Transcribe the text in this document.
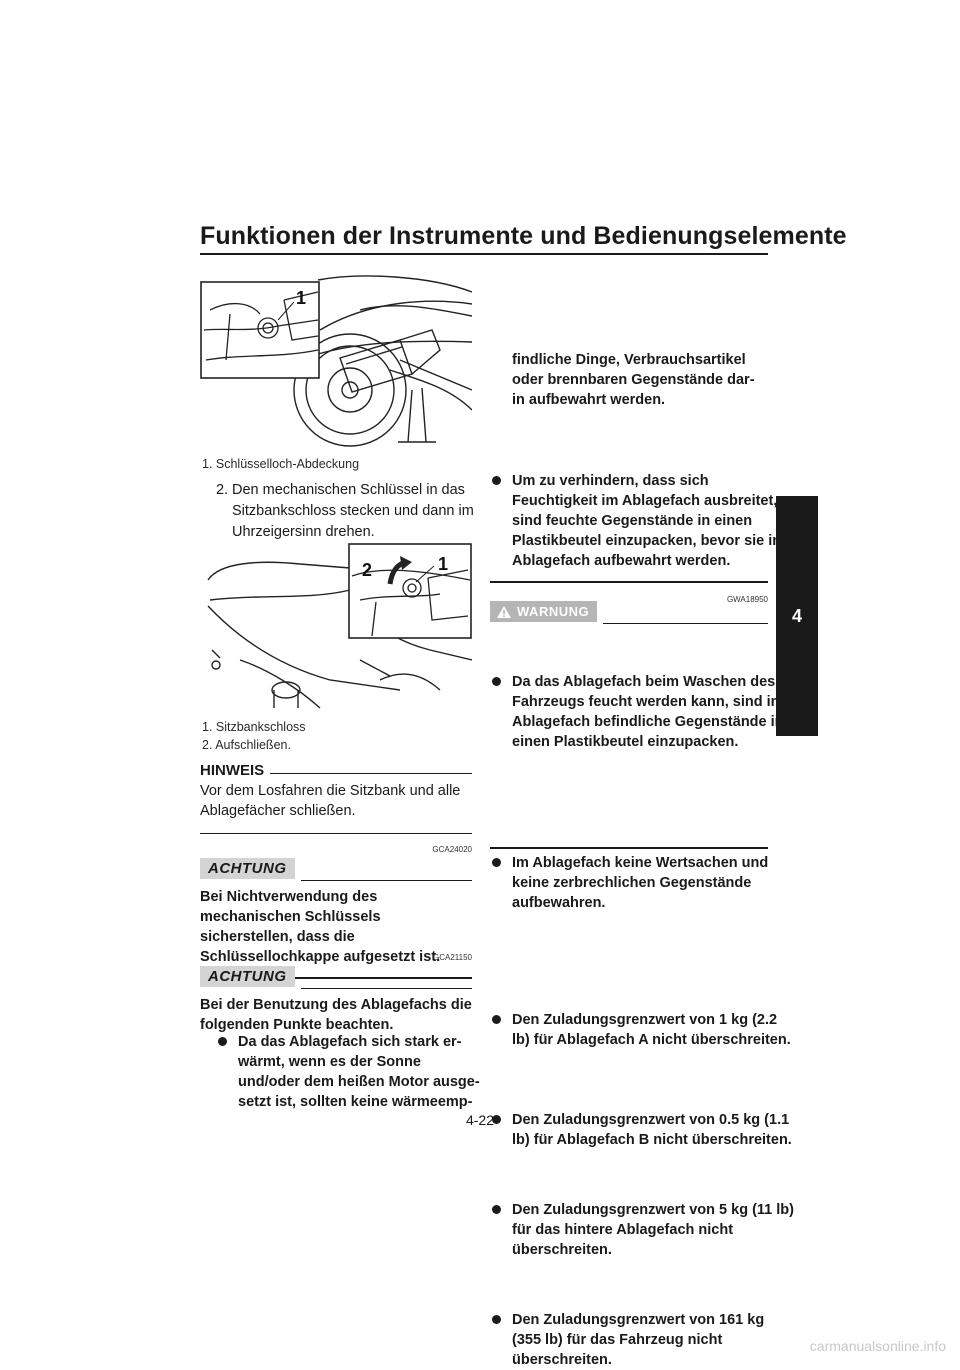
Funktionen der Instrumente und Bedienungselemente
4
1
1. Schlüsselloch-Abdeckung
2. Den mechanischen Schlüssel in das Sitzbankschloss stecken und dann im Uhrzeigersinn drehen.
2	1
1. Sitzbankschloss
2. Aufschließen.
HINWEIS
Vor dem Losfahren die Sitzbank und alle Ablagefächer schließen.
GCA24020
ACHTUNG
Bei Nichtverwendung des mechanischen Schlüssels sicherstellen, dass die Schlüssellochkappe aufgesetzt ist.
GCA21150
ACHTUNG
Bei der Benutzung des Ablagefachs die folgenden Punkte beachten.
Da das Ablagefach sich stark er-
wärmt, wenn es der Sonne
und/oder dem heißen Motor ausge-
setzt ist, sollten keine wärmeemp-
findliche Dinge, Verbrauchsartikel
oder brennbaren Gegenstände dar-
in aufbewahrt werden.
Um zu verhindern, dass sich Feuchtigkeit im Ablagefach ausbreitet, sind feuchte Gegenstände in einen Plastikbeutel einzupacken, bevor sie im Ablagefach aufbewahrt werden.
Da das Ablagefach beim Waschen des Fahrzeugs feucht werden kann, sind im Ablagefach befindliche Gegenstände in einen Plastikbeutel einzupacken.
Im Ablagefach keine Wertsachen und keine zerbrechlichen Gegenstände aufbewahren.
GWA18950
WARNUNG
Den Zuladungsgrenzwert von 1 kg (2.2 lb) für Ablagefach A nicht überschreiten.
Den Zuladungsgrenzwert von 0.5 kg (1.1 lb) für Ablagefach B nicht überschreiten.
Den Zuladungsgrenzwert von 5 kg (11 lb) für das hintere Ablagefach nicht überschreiten.
Den Zuladungsgrenzwert von 161 kg (355 lb) für das Fahrzeug nicht überschreiten.
4-22
carmanualsonline.info
